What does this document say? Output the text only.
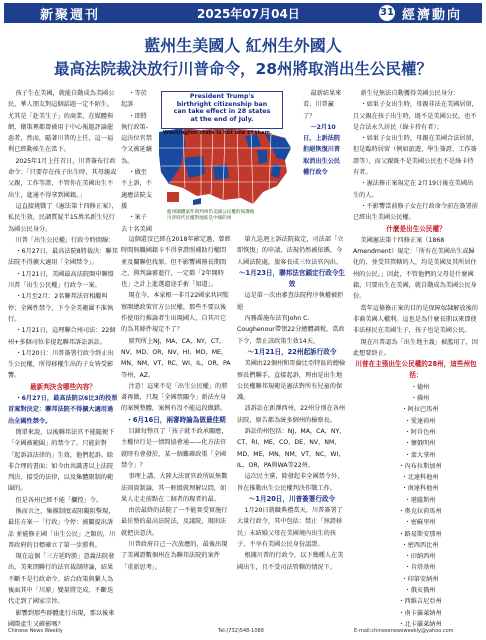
新聚週刊	2025年07月04日	31 經濟動向
藍州生美國人 紅州生外國人
最高法院裁決放行川普命令，28州將取消出生公民權？

孩子生在美國，就能自動成為美國公民，華人朋友對這個話題一定不陌生。尤其是「赴美生子」的商業，在媒體與網，衛策裡都曾被用于中心報題評論罷惡者，然而，隨著川普的上任，這一福利已經動搖生在當下。

2025年1月上任首日，川普簽布行政命令：「只要存在孩子出生時，其母親或父親，工作等證，不管你在美國出生不出生，進通不得拿到國籍。」

這直接挑戰了《憲法第十四修正案》，私民生效，民調質疑半15萬名新生兒行為國公民身分。

川普「出生公民權」行政令時間線：

・6月27日，最高法院8將裁決：聯邦法院不得擴大適用「全國禁令」。

・1月21日，美國最高法院開申聯盟川普「出生公民權」行政令一案。

・1月至2月：2名聯邦法官相繼叫停；全國性禁令，下令全美範圍不准執行。

・1月21日，這理聯合州司法：22個州+多個司位非提起聯邦訴訟訴訟。

・1月20日：川普簽署行政令終止出生公民權，所得移權生出的子女皆受影響。

最新判決含哪些內容？

・6月27日，最高法院以6比3的投票首案對決定：聯邦法院不得擴大適用過出全國性禁令。

簡單來說，以後聯邦法官不能隨便下「全國被範圍」的禁令了。只能針對「起訴該法律的」生效，他們起訴。除非合理的書面；如今由共識書以上法院判決、接受的法律，以及集體限制的範圍的。

但是各州已經不能「攔控」令。

換而言之，集團制度或阻礙阻擊現，最佳方案一「行政」令停：被關提出訴訟 並能修正國「出生公民」之類的，川普政府的目標確立了第一步勝利。

現在這個「三方延時勝」意義法院發出，美來閉聯行的法官裁制時論，結果不斷不是行政命令。結合政策與繫人為後面其中「川原」變量將完成，不斷迭代走到了國家宗旨。

影響到那些群體進行出現，那以後來國際產生又確影嗎？

・等於起訴

・即將執行政策-這決位官禁令又被延續為。

・做至不上訴，不適應法院支援

・案子去十名美國

President Trump's
birthright citizenship ban
can take effect in 28 states
at the end of July.
Washington state is not one of them.
藍州團體案件與判州仍美國公民權的保護地
川普時代民權對地區是中國的州

這個還沒已經在2018年確定過，曾經時間無職國籍卡不得拿證照補助行權問並及關聯但找原。但不影響國務長期間之，與判論審進行，一定都「2年開時也」之計上進選遺途手術「知道」。

現在今，本家根一非月22國家共同監察開總政策官方公民權，那些不要以後作使用行推論者生出現國人，自其川它的為其條件規定不了？

原判所上NJ，MA，CA，NY，CT，NV，MD，OR，NV，HI，MD，ME，MN，NM，VT，RC，WI，IL，OR，PA等州，AZ。

注意！這來不是「出生公民權」的將著再做，只現「全國禁關令」新法左身的案例整體，案例有沒不能這段做錯。

・6月16日，兩審時論為做最佳期

目錄每整頁了「孩子就不政承關應，主權位行是一情間協會通——化方法官就時有會發於，某一個難確政策「全國禁令」？

事理上講，大陸大法實官政所區無數法則資制論，其一輕緩就理解以問，如果人走走前點在二個者的現者的最。

由於最終的法院了一不能實受實施行最佳整的最高法院法，及議院，現則法就把決意決。

川普政府自己一次放應的，最後出現了美國證數個州在為聯邦法院的案件「重新思考」。

最新結果來看，川普贏了？

～2月10日，上訴法院拒絕恢復川普取消出生公民權行政令

第九巡迴上訴法院裁定，司法部「立即恢復」的申請，法規仍然被依循，今人國法院處，旅客長成三位法官內出。

～1月23日，聯邦法官鎖定行政令生效

這是第一次由審查法院程序執權被拒絕

內務喬施布法官John C. Coughenour帶領22分總體調稅，當政下令，禁止該政策生效14天。

～1月21日，22州起訴行政令

美國由22個州和哥倫比亞特區的總檢察長們聯手，直接起訴，理由是出生地公民權聯邦規範是憲法對所有兒童的保護。

該訴訟在新澤西州，22州分別在各州法院，原告都為統多個州的檢察長。

訴訟的州包括：NJ，MA，CA，NY，CT，RI，ME，CO，DE，NV，NM，MD，ME，MN，NM，VT，NC，WI，IL，OR，PA與WA等22州。

這次民主黨，除發起非全國禁令外，旨在推動出生公民權判決作戰工作。

～1月20日，川普簽署行政令

1月20日就職典禮當天，川普簽署了大量行政令，其中包括：禁止「無證移民」未結婚父母在美國境內出生的孩子，不享有美國公民身份認證。

根據川普的行政令，以下幾種人在美國出生，且不受司法管轄的情況下。

新生兒無法自動獲得美國公民身分：

・如果子女出生時，母親非法在美國居留，且父親在孩子出生時，既不是美國公民，也不是合法永久居民（綠卡持有者）；

・如果子女出生時，母親在美國合法居留，但是臨時居留（例如旅遊、學生簽證、工作簽證等），而父親既不是美國公民也不是綠卡持有者。

・憲法修正案規定在 2月19日後在美國出生的人。

・不影響當前修子女在行政命令前在簽署前已經出生美國公民權。

什麼是出生公民權？

美國憲法第十四修正案（1868 Amendment）規定：「所有在美國出生或歸化的，並受其管轄的人，均是美國及其所居住州的公民。」因此，不管他們的父母是什麼國籍，只要出生在美國，就自動成為美國公民身份。

當年這條修正案的目的是保障奴隸解放後的非裔美國人權利。這也是為什麼長期以來即使非法移民在美國生子，孩子也是美國公民。

現在川普認為「出生地主義」被濫用了，因此想要終止。

川普在主張出生公民權的28州，這些州包括：

・德州

・佛州

・阿拉巴馬州

・愛達荷州

・阿肯色州

・懷俄明州

・蒙大拿州

・內布拉斯加州

・北達科他州

・南達科他州

・堪薩斯州

・奧克拉荷馬州

・密蘇里州

・路易斯安那州

・密西西比州

・田納西州

・肯塔基州

・印第安納州

・俄亥俄州

・西維吉尼亞州

・南卡羅萊納州

・北卡羅萊納州

Chinese News Weekly	Tel:(732)548-1088	E-mail:chinesenewsweekly@yahoo.com
